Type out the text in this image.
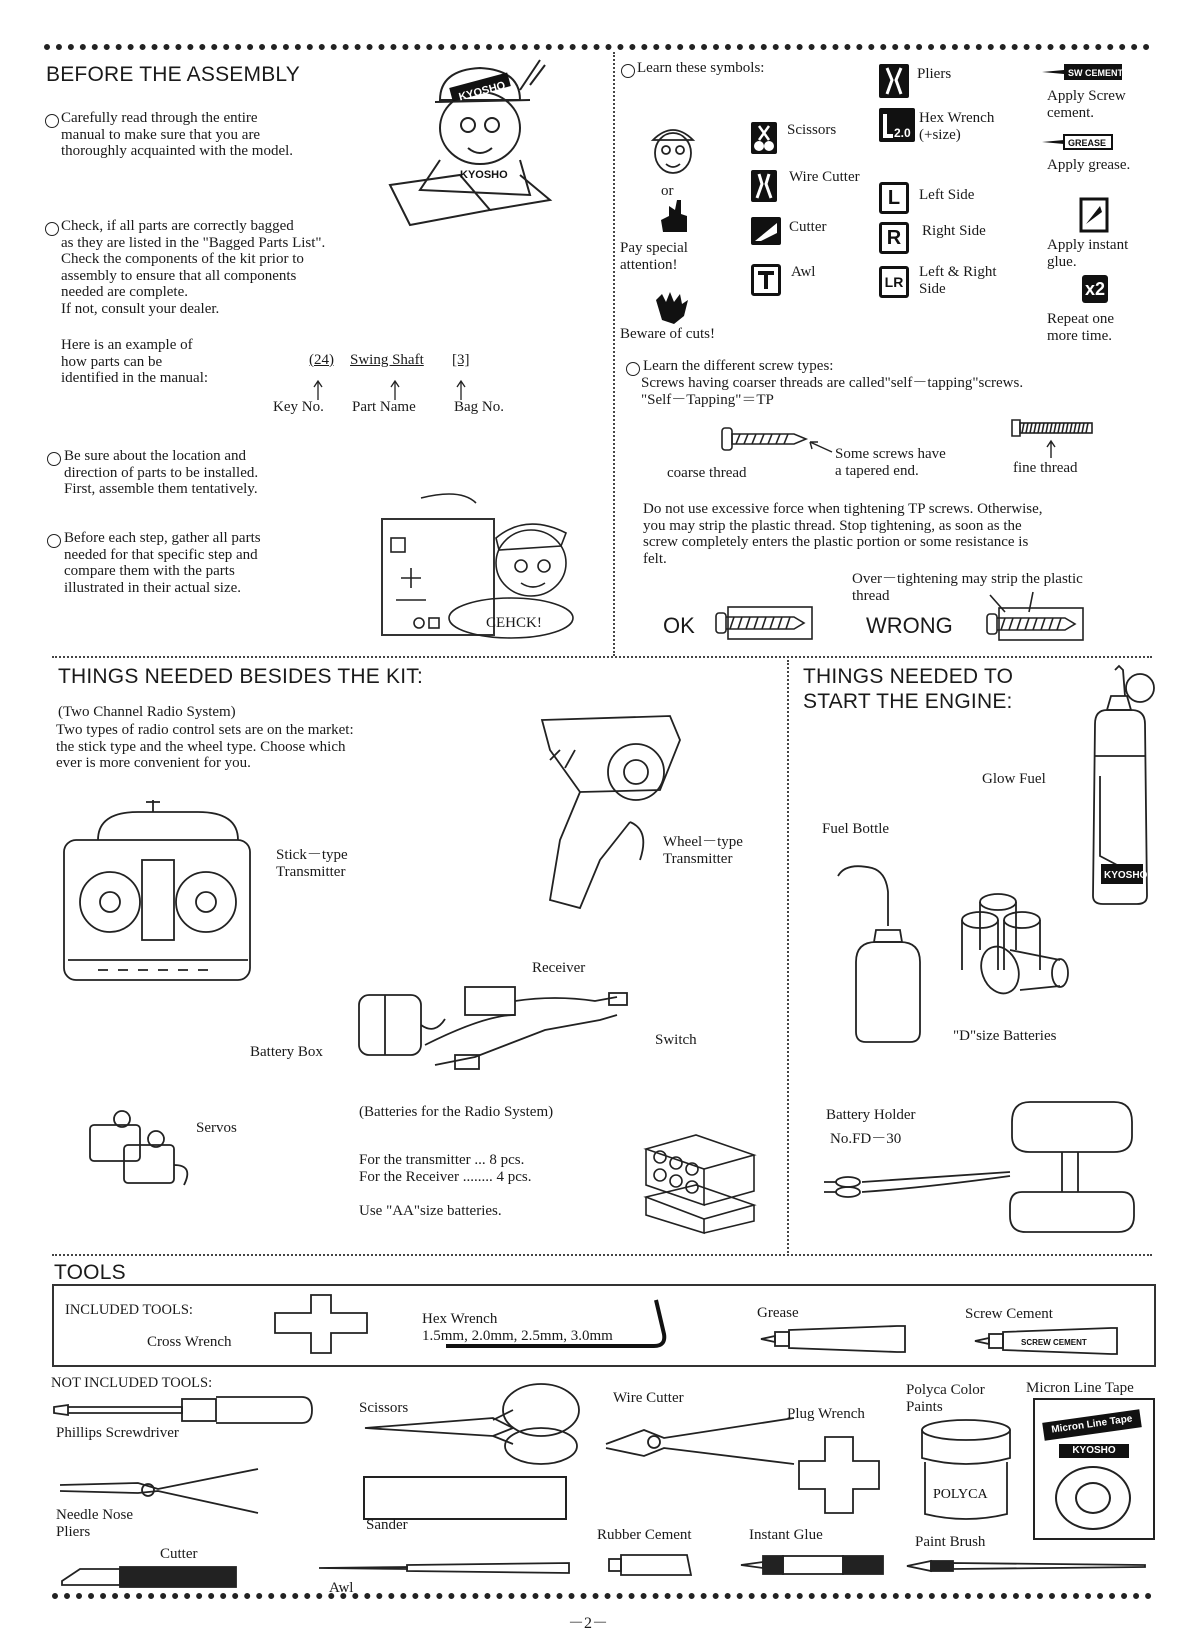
BEFORE THE ASSEMBLY
Carefully read through the entire
manual to make sure that you are
thoroughly acquainted with the model.
Check, if all parts are correctly bagged
as they are listed in the "Bagged Parts List".
Check the components of the kit prior to
assembly to ensure that all components
needed are complete.
If not, consult your dealer.
Here is an example of
how parts can be
identified in the manual:
(24) Swing Shaft [3]
Key No. Part Name	Bag No.
Be sure about the location and
direction of parts to be installed.
First, assemble them tentatively.
Before each step, gather all parts
needed for that specific step and
compare them with the parts
illustrated in their actual size.
KYOSHO
KYOSHO
CEHCK!
Learn these symbols:
or
Pay special
attention!
Beware of cuts!
Scissors
Wire Cutter
Cutter
Awl
Pliers
2.0
Hex Wrench
(+size)
L	Left Side
R	Right Side
LR
Left & Right
Side
SW CEMENT
Apply Screw
cement.
GREASE
Apply grease.
Apply instant
glue.
x2
Repeat one
more time.
Learn the different screw types:
Screws having coarser threads are called"self－tapping"screws.
"Self－Tapping"＝TP
coarse thread
Some screws have
a tapered end.	fine thread
Do not use excessive force when tightening TP screws. Otherwise,
you may strip the plastic thread. Stop tightening, as soon as the
screw completely enters the plastic portion or some resistance is
felt.
Over－tightening may strip the plastic
thread
OK	WRONG
THINGS NEEDED BESIDES THE KIT:
(Two Channel Radio System)
Two types of radio control sets are on the market:
the stick type and the wheel type. Choose which
ever is more convenient for you.
Stick－type
Transmitter
Wheel－type
Transmitter
Receiver
Switch
Battery Box
Servos
(Batteries for the Radio System)
For the transmitter ... 8 pcs.
For the Receiver ........ 4 pcs.
Use "AA"size batteries.
THINGS NEEDED TO
START THE ENGINE:
KYOSHO
Glow Fuel
Fuel Bottle
"D"size Batteries
Battery Holder
No.FD－30
TOOLS
INCLUDED TOOLS:
Cross Wrench
Hex Wrench
1.5mm, 2.0mm, 2.5mm, 3.0mm
Grease	Screw Cement
SCREW CEMENT
NOT INCLUDED TOOLS:
Phillips Screwdriver
Scissors
Sander
Wire Cutter
Plug Wrench
Polyca Color
Paints
POLYCA
Micron Line Tape
Micron Line Tape
KYOSHO
Needle Nose
Pliers
Cutter
Awl
Rubber Cement	Instant Glue	Paint Brush
－2－
